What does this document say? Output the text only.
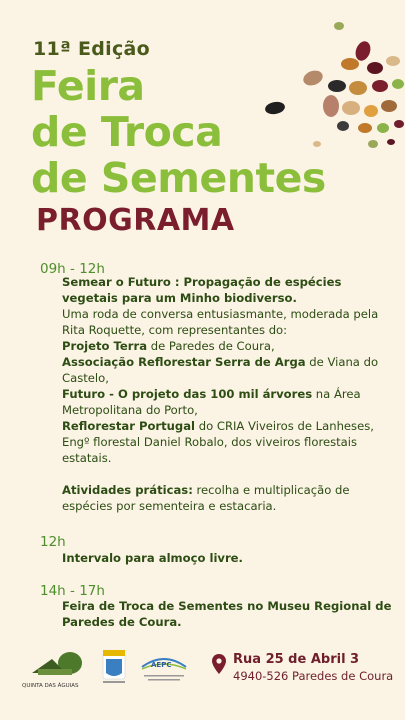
11ª Edição
Feira
de Troca
de Sementes
PROGRAMA
09h - 12h
Semear o Futuro : Propagação de espécies vegetais para um Minho biodiverso.
Uma roda de conversa entusiasmante, moderada pela Rita Roquette, com representantes do:
Projeto Terra de Paredes de Coura,
Associação Reflorestar Serra de Arga de Viana do Castelo,
Futuro - O projeto das 100 mil árvores na Área Metropolitana do Porto,
Reflorestar Portugal do CRIA Viveiros de Lanheses, Engº florestal Daniel Robalo, dos viveiros florestais estatais.

Atividades práticas: recolha e multiplicação de espécies por sementeira e estacaria.
12h
Intervalo para almoço livre.
14h - 17h
Feira de Troca de Sementes no Museu Regional de Paredes de Coura.
QUINTA DAS ÁGUIAS
AEPC	Rua 25 de Abril 3
4940-526 Paredes de Coura
